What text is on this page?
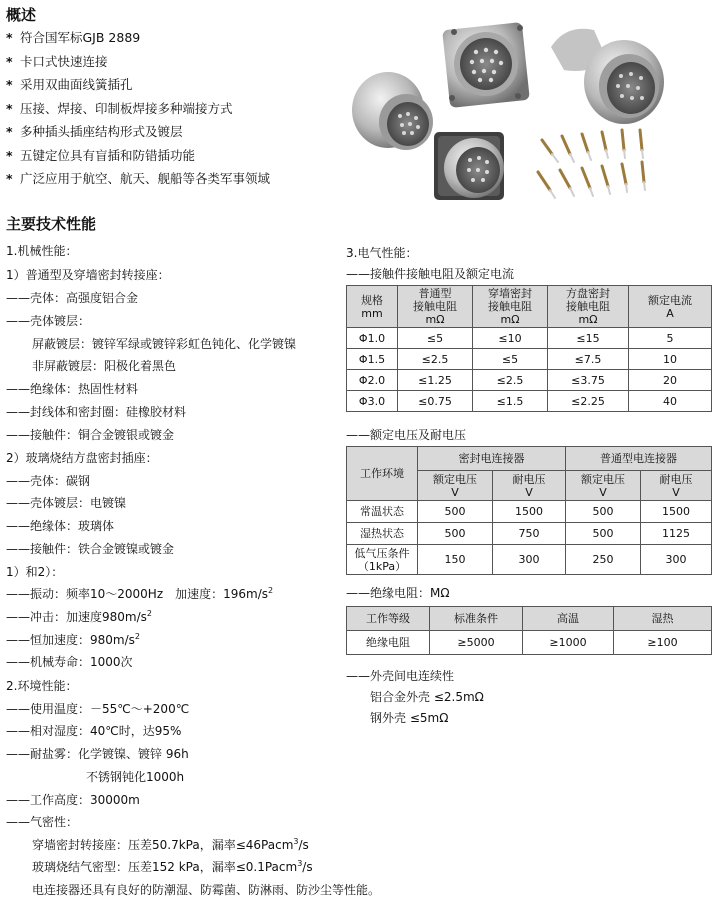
概述
* 符合国军标GJB 2889
* 卡口式快速连接
* 采用双曲面线簧插孔
* 压接、焊接、印制板焊接多种端接方式
* 多种插头插座结构形式及镀层
* 五键定位具有盲插和防错插功能
* 广泛应用于航空、航天、舰船等各类军事领域
主要技术性能
1.机械性能：
1）普通型及穿墙密封转接座：
——壳体：高强度铝合金
——壳体镀层：
屏蔽镀层：镀锌军绿或镀锌彩虹色钝化、化学镀镍
非屏蔽镀层：阳极化着黑色
——绝缘体：热固性材料
——封线体和密封圈：硅橡胶材料
——接触件：铜合金镀银或镀金
2）玻璃烧结方盘密封插座：
——壳体：碳钢
——壳体镀层：电镀镍
——绝缘体：玻璃体
——接触件：铁合金镀镍或镀金
1）和2）：
——振动：频率10～2000Hz　加速度：$196m/s^2$
——冲击：加速度$980m/s^2$
——恒加速度：$980m/s^2$
——机械寿命：1000次
2.环境性能：
——使用温度：－55℃～+200℃
——相对湿度：40℃时，达95%
——耐盐雾：化学镀镍、镀锌 96h
不锈钢钝化1000h
——工作高度：30000m
——气密性：
穿墙密封转接座：压差50.7kPa，漏率≤46Pacm$^3$/s
玻璃烧结气密型：压差152 kPa，漏率≤0.1Pacm$^3$/s
电连接器还具有良好的防潮湿、防霉菌、防淋雨、防沙尘等性能。
3.电气性能：
——接触件接触电阻及额定电流
规格
mm	普通型
接触电阻
mΩ	穿墙密封
接触电阻
mΩ	方盘密封
接触电阻
mΩ	额定电流
A
Φ1.0	≤5	≤10	≤15	5
Φ1.5	≤2.5	≤5	≤7.5	10
Φ2.0	≤1.25	≤2.5	≤3.75	20
Φ3.0	≤0.75	≤1.5	≤2.25	40
——额定电压及耐电压
工作环境	密封电连接器		普通型电连接器	
	额定电压
V	耐电压
V	额定电压
V	耐电压
V
常温状态	500	1500	500	1500
湿热状态	500	750	500	1125
低气压条件
（1kPa）	150	300	250	300
——绝缘电阻：MΩ
工作等级	标准条件	高温	湿热
绝缘电阻	≥5000	≥1000	≥100
——外壳间电连续性
铝合金外壳 ≤2.5mΩ
钢外壳 ≤5mΩ
